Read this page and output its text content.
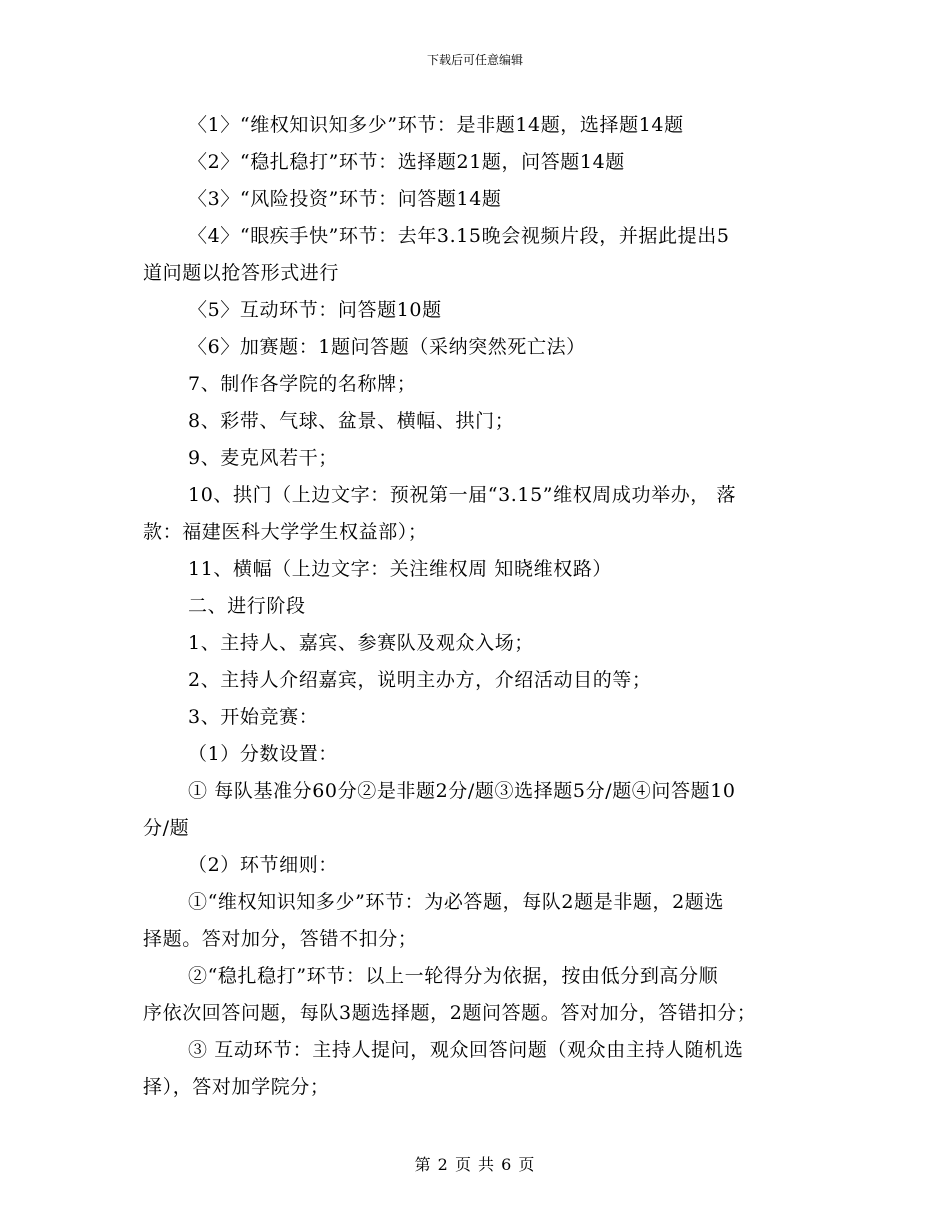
下载后可任意编辑
〈1〉“维权知识知多少”环节：是非题14题，选择题14题
〈2〉“稳扎稳打”环节：选择题21题，问答题14题
〈3〉“风险投资”环节：问答题14题
〈4〉“眼疾手快”环节：去年3.15晚会视频片段，并据此提出5
道问题以抢答形式进行
〈5〉互动环节：问答题10题
〈6〉加赛题：1题问答题（采纳突然死亡法）
7、制作各学院的名称牌；
8、彩带、气球、盆景、横幅、拱门；
9、麦克风若干；
10、拱门（上边文字：预祝第一届“3.15”维权周成功举办， 落
款：福建医科大学学生权益部）；
11、横幅（上边文字：关注维权周 知晓维权路）
二、进行阶段
1、主持人、嘉宾、参赛队及观众入场；
2、主持人介绍嘉宾，说明主办方，介绍活动目的等；
3、开始竞赛：
（1）分数设置：
① 每队基准分60分②是非题2分/题③选择题5分/题④问答题10
分/题
（2）环节细则：
①“维权知识知多少”环节：为必答题，每队2题是非题，2题选
择题。答对加分，答错不扣分；
②“稳扎稳打”环节：以上一轮得分为依据，按由低分到高分顺
序依次回答问题，每队3题选择题，2题问答题。答对加分，答错扣分；
③ 互动环节：主持人提问，观众回答问题（观众由主持人随机选
择），答对加学院分；
第 2 页 共 6 页
